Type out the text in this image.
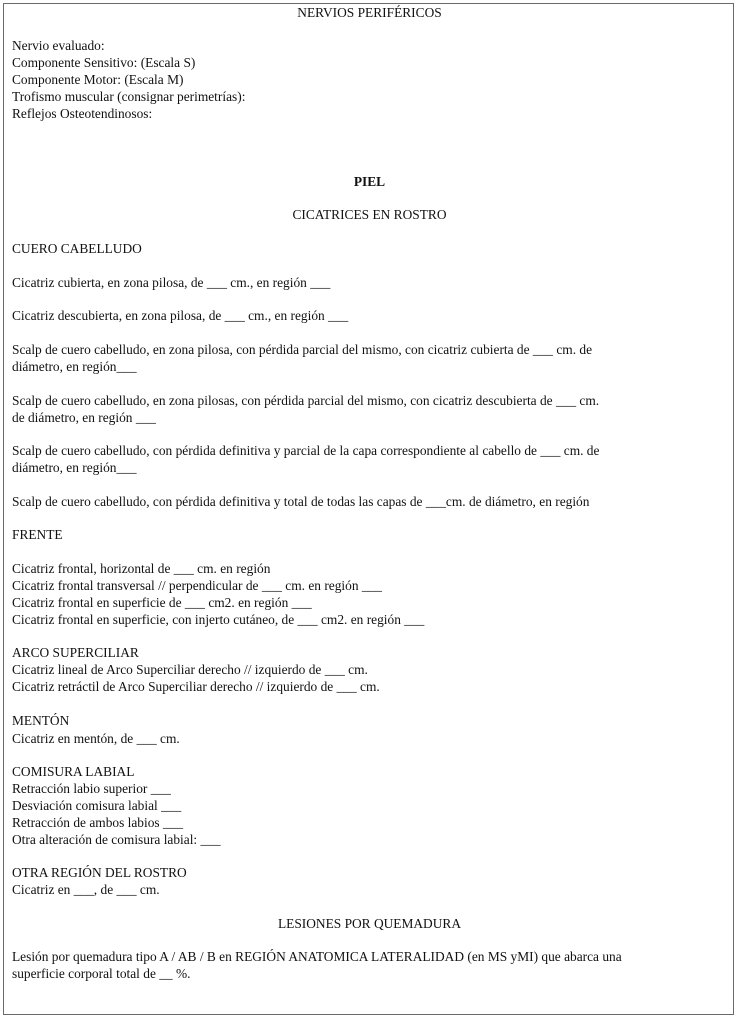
NERVIOS PERIFÉRICOS
Nervio evaluado:
Componente Sensitivo: (Escala S)
Componente Motor: (Escala M)
Trofismo muscular (consignar perimetrías):
Reflejos Osteotendinosos:
PIEL
CICATRICES EN ROSTRO
CUERO CABELLUDO
Cicatriz cubierta, en zona pilosa, de ___ cm., en región ___
Cicatriz descubierta, en zona pilosa, de ___ cm., en región ___
Scalp de cuero cabelludo, en zona pilosa, con pérdida parcial del mismo, con cicatriz cubierta de ___ cm. de
diámetro, en región___
Scalp de cuero cabelludo, en zona pilosas, con pérdida parcial del mismo, con cicatriz descubierta de ___ cm.
de diámetro, en región ___
Scalp de cuero cabelludo, con pérdida definitiva y parcial de la capa correspondiente al cabello de ___ cm. de
diámetro, en región___
Scalp de cuero cabelludo, con pérdida definitiva y total de todas las capas de ___cm. de diámetro, en región
FRENTE
Cicatriz frontal, horizontal de ___ cm. en región
Cicatriz frontal transversal // perpendicular de ___ cm. en región ___
Cicatriz frontal en superficie de ___ cm2. en región ___
Cicatriz frontal en superficie, con injerto cutáneo, de ___ cm2. en región ___
ARCO SUPERCILIAR
Cicatriz lineal de Arco Superciliar derecho // izquierdo de ___ cm.
Cicatriz retráctil de Arco Superciliar derecho // izquierdo de ___ cm.
MENTÓN
Cicatriz en mentón, de ___ cm.
COMISURA LABIAL
Retracción labio superior ___
Desviación comisura labial ___
Retracción de ambos labios ___
Otra alteración de comisura labial: ___
OTRA REGIÓN DEL ROSTRO
Cicatriz en ___, de ___ cm.
LESIONES POR QUEMADURA
Lesión por quemadura tipo A / AB / B en REGIÓN ANATOMICA LATERALIDAD (en MS yMI) que abarca una
superficie corporal total de __ %.
